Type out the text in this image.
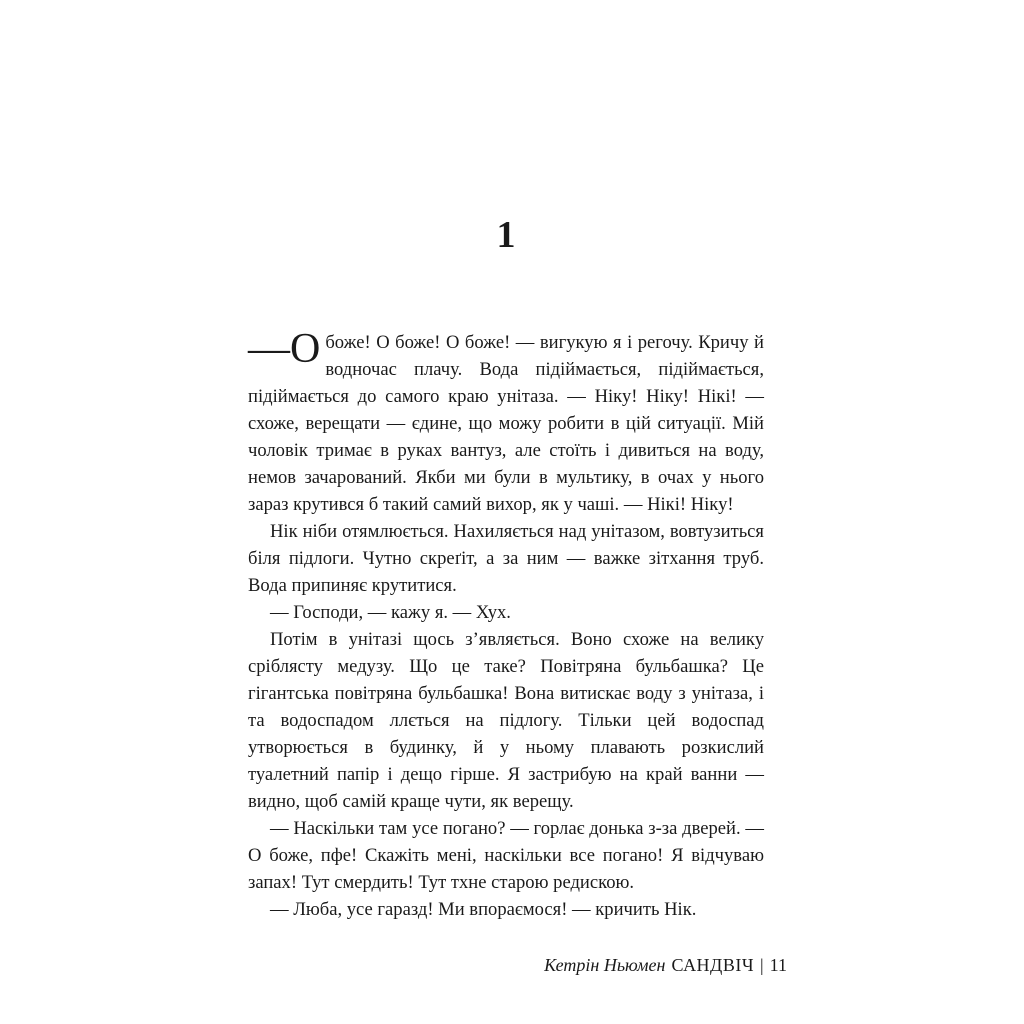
1

—О боже! О боже! О боже! — вигукую я і регочу. Кричу й водночас плачу. Вода підіймається, підіймається, підіймається до самого краю унітаза. — Ніку! Ніку! Нікі! — схоже, верещати — єдине, що можу робити в цій ситуації. Мій чоловік тримає в руках вантуз, але стоїть і дивиться на воду, немов зачарований. Якби ми були в мультику, в очах у нього зараз крутився б такий самий вихор, як у чаші. — Нікі! Ніку!

Нік ніби отямлюється. Нахиляється над унітазом, вовтузиться біля підлоги. Чутно скреґіт, а за ним — важке зітхання труб. Вода припиняє крутитися.

— Господи, — кажу я. — Хух.

Потім в унітазі щось з’являється. Воно схоже на велику сріблясту медузу. Що це таке? Повітряна бульбашка? Це гігантська повітряна бульбашка! Вона витискає воду з унітаза, і та водоспадом ллється на підлогу. Тільки цей водоспад утворюється в будинку, й у ньому плавають розкислий туалетний папір і дещо гірше. Я застрибую на край ванни — видно, щоб самій краще чути, як верещу.

— Наскільки там усе погано? — горлає донька з-за дверей. — О боже, пфе! Скажіть мені, наскільки все погано! Я відчуваю запах! Тут смердить! Тут тхне старою редискою.

— Люба, усе гаразд! Ми впораємося! — кричить Нік.

Кетрін Ньюмен САНДВІЧ | 11
